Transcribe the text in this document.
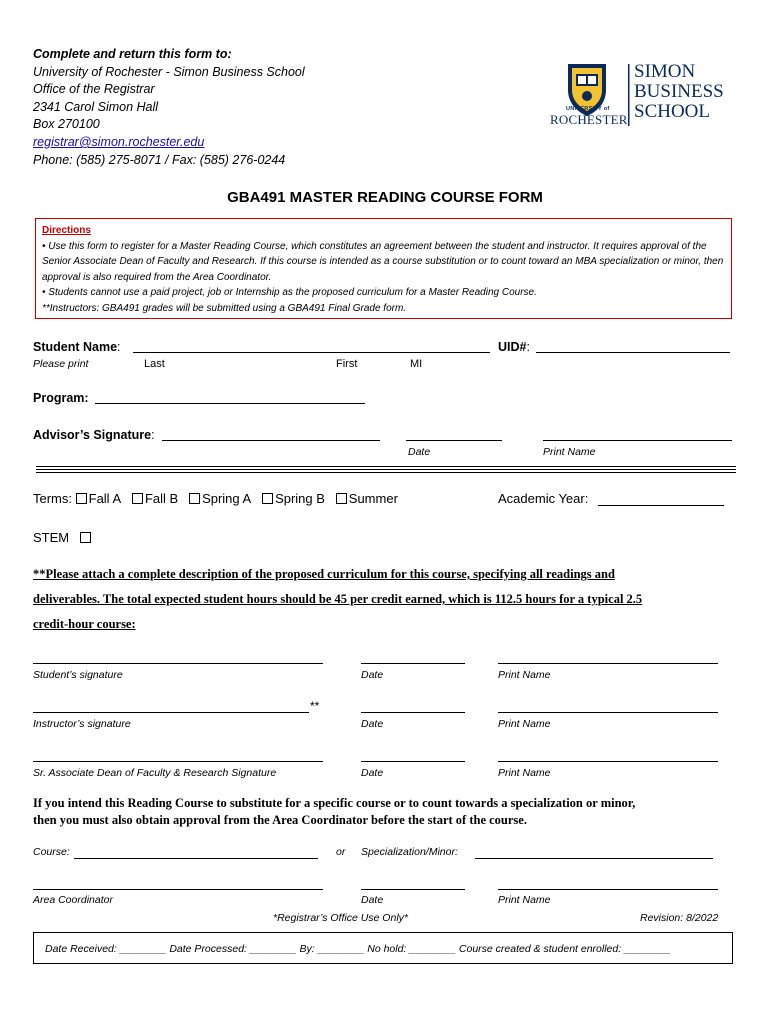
Complete and return this form to:
University of Rochester - Simon Business School
Office of the Registrar
2341 Carol Simon Hall
Box 270100
registrar@simon.rochester.edu
Phone: (585) 275-8071 / Fax: (585) 276-0244
UNIVERSITY of
ROCHESTER
SIMON
BUSINESS
SCHOOL
GBA491 MASTER READING COURSE FORM
Directions
• Use this form to register for a Master Reading Course, which constitutes an agreement between the student and instructor. It requires approval of the Senior Associate Dean of Faculty and Research. If this course is intended as a course substitution or to count toward an MBA specialization or minor, then approval is also required from the Area Coordinator.
• Students cannot use a paid project, job or Internship as the proposed curriculum for a Master Reading Course.
**Instructors: GBA491 grades will be submitted using a GBA491 Final Grade form.
Student Name:	UID#:
Please print	Last	First	MI
Program:
Advisor’s Signature:
Date	Print Name
Terms: Fall A Fall B Spring A Spring B Summer	Academic Year:
STEM
**Please attach a complete description of the proposed curriculum for this course, specifying all readings and
deliverables. The total expected student hours should be 45 per credit earned, which is 112.5 hours for a typical 2.5
credit-hour course:
Student’s signature	Date	Print Name
**
Instructor’s signature	Date	Print Name
Sr. Associate Dean of Faculty & Research Signature	Date	Print Name
If you intend this Reading Course to substitute for a specific course or to count towards a specialization or minor,
then you must also obtain approval from the Area Coordinator before the start of the course.
Course:	or Specialization/Minor:
Area Coordinator	Date	Print Name
*Registrar’s Office Use Only*	Revision: 8/2022
Date Received: ________ Date Processed: ________ By: ________ No hold: ________ Course created & student enrolled: ________
